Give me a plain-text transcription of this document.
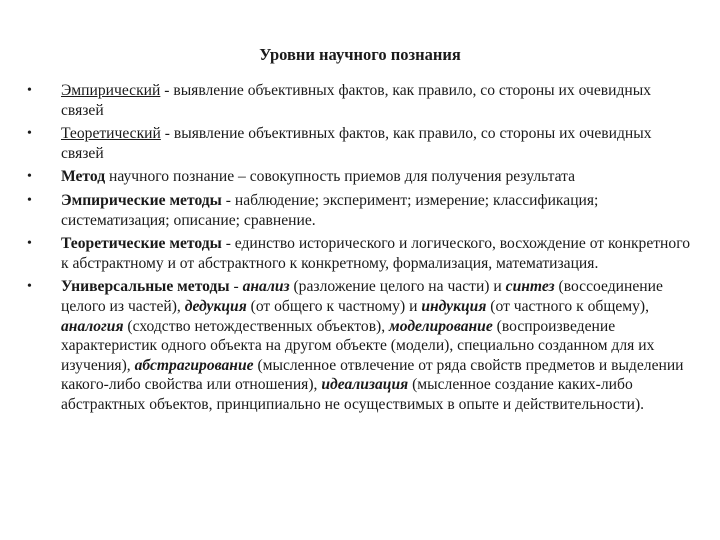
Уровни научного познания
• Эмпирический - выявление объективных фактов, как правило, со стороны их очевидных связей
• Теоретический - выявление объективных фактов, как правило, со стороны их очевидных связей
• Метод научного познание – совокупность приемов для получения результата
• Эмпирические методы - наблюдение; эксперимент; измерение; классификация; систематизация; описание; сравнение.
• Теоретические методы - единство исторического и логического, восхождение от конкретного к абстрактному и от абстрактного к конкретному, формализация, математизация.
• Универсальные методы - анализ (разложение целого на части) и синтез (воссоединение целого из частей), дедукция (от общего к частному) и индукция (от частного к общему), аналогия (сходство нетождественных объектов), моделирование (воспроизведение характеристик одного объекта на другом объекте (модели), специально созданном для их изучения), абстрагирование (мысленное отвлечение от ряда свойств предметов и выделении какого-либо свойства или отношения), идеализация (мысленное создание каких-либо абстрактных объектов, принципиально не осуществимых в опыте и действительности).
